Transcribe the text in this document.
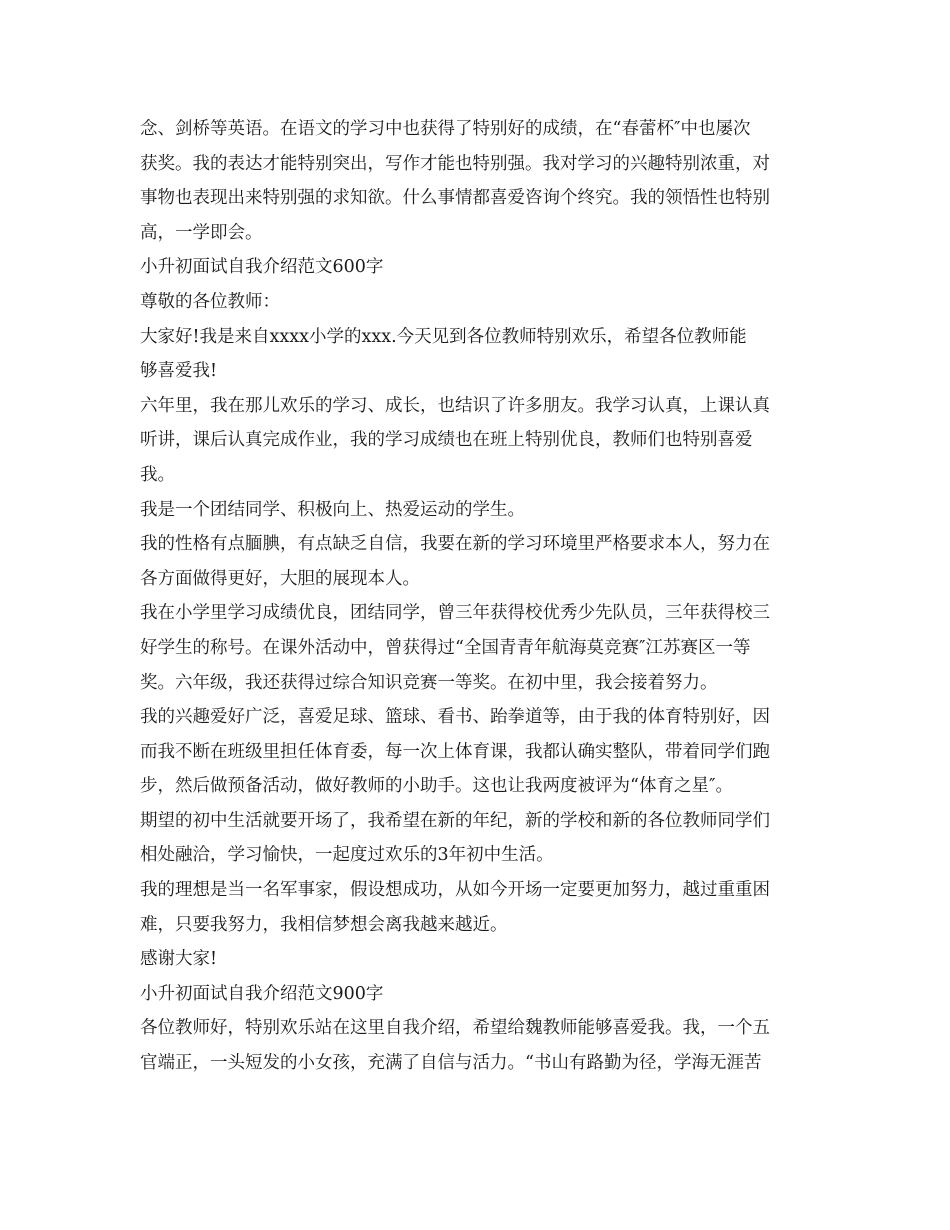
念、剑桥等英语。在语文的学习中也获得了特别好的成绩，在“春蕾杯″中也屡次
获奖。我的表达才能特别突出，写作才能也特别强。我对学习的兴趣特别浓重，对
事物也表现出来特别强的求知欲。什么事情都喜爱咨询个终究。我的领悟性也特别
高，一学即会。
小升初面试自我介绍范文600字
尊敬的各位教师：
大家好!我是来自xxxx小学的xxx.今天见到各位教师特别欢乐，希望各位教师能
够喜爱我!
六年里，我在那儿欢乐的学习、成长，也结识了许多朋友。我学习认真，上课认真
听讲，课后认真完成作业，我的学习成绩也在班上特别优良，教师们也特别喜爱
我。
我是一个团结同学、积极向上、热爱运动的学生。
我的性格有点腼腆，有点缺乏自信，我要在新的学习环境里严格要求本人，努力在
各方面做得更好，大胆的展现本人。
我在小学里学习成绩优良，团结同学，曾三年获得校优秀少先队员，三年获得校三
好学生的称号。在课外活动中，曾获得过“全国青青年航海莫竞赛″江苏赛区一等
奖。六年级，我还获得过综合知识竞赛一等奖。在初中里，我会接着努力。
我的兴趣爱好广泛，喜爱足球、篮球、看书、跆拳道等，由于我的体育特别好，因
而我不断在班级里担任体育委，每一次上体育课，我都认确实整队，带着同学们跑
步，然后做预备活动，做好教师的小助手。这也让我两度被评为“体育之星″。
期望的初中生活就要开场了，我希望在新的年纪，新的学校和新的各位教师同学们
相处融洽，学习愉快，一起度过欢乐的3年初中生活。
我的理想是当一名军事家，假设想成功，从如今开场一定要更加努力，越过重重困
难，只要我努力，我相信梦想会离我越来越近。
感谢大家!
小升初面试自我介绍范文900字
各位教师好，特别欢乐站在这里自我介绍，希望给魏教师能够喜爱我。我，一个五
官端正，一头短发的小女孩，充满了自信与活力。“书山有路勤为径，学海无涯苦
